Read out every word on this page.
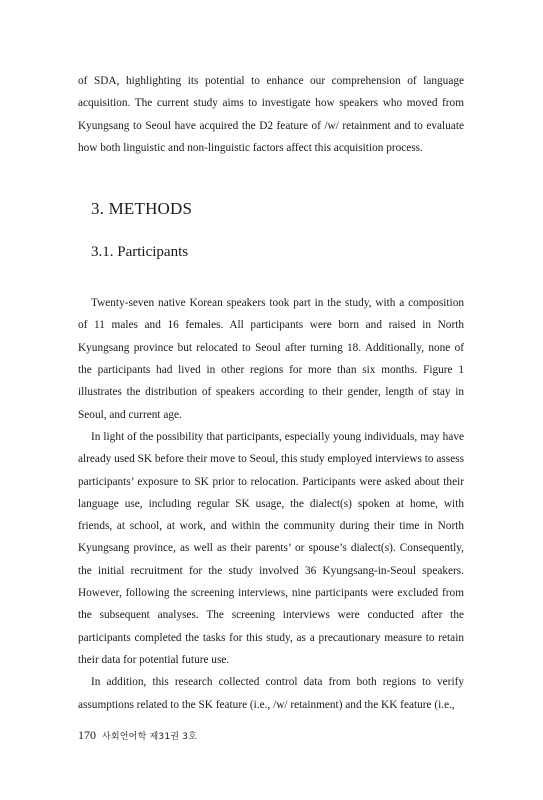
of SDA, highlighting its potential to enhance our comprehension of language acquisition. The current study aims to investigate how speakers who moved from Kyungsang to Seoul have acquired the D2 feature of /w/ retainment and to evaluate how both linguistic and non-linguistic factors affect this acquisition process.

3. METHODS
3.1. Participants

Twenty-seven native Korean speakers took part in the study, with a composition of 11 males and 16 females. All participants were born and raised in North Kyungsang province but relocated to Seoul after turning 18. Additionally, none of the participants had lived in other regions for more than six months. Figure 1 illustrates the distribution of speakers according to their gender, length of stay in Seoul, and current age.

In light of the possibility that participants, especially young individuals, may have already used SK before their move to Seoul, this study employed interviews to assess participants’ exposure to SK prior to relocation. Participants were asked about their language use, including regular SK usage, the dialect(s) spoken at home, with friends, at school, at work, and within the community during their time in North Kyungsang province, as well as their parents’ or spouse’s dialect(s). Consequently, the initial recruitment for the study involved 36 Kyungsang-in-Seoul speakers. However, following the screening interviews, nine participants were excluded from the subsequent analyses. The screening interviews were conducted after the participants completed the tasks for this study, as a precautionary measure to retain their data for potential future use.

In addition, this research collected control data from both regions to verify assumptions related to the SK feature (i.e., /w/ retainment) and the KK feature (i.e.,

170 사회언어학 제31권 3호
